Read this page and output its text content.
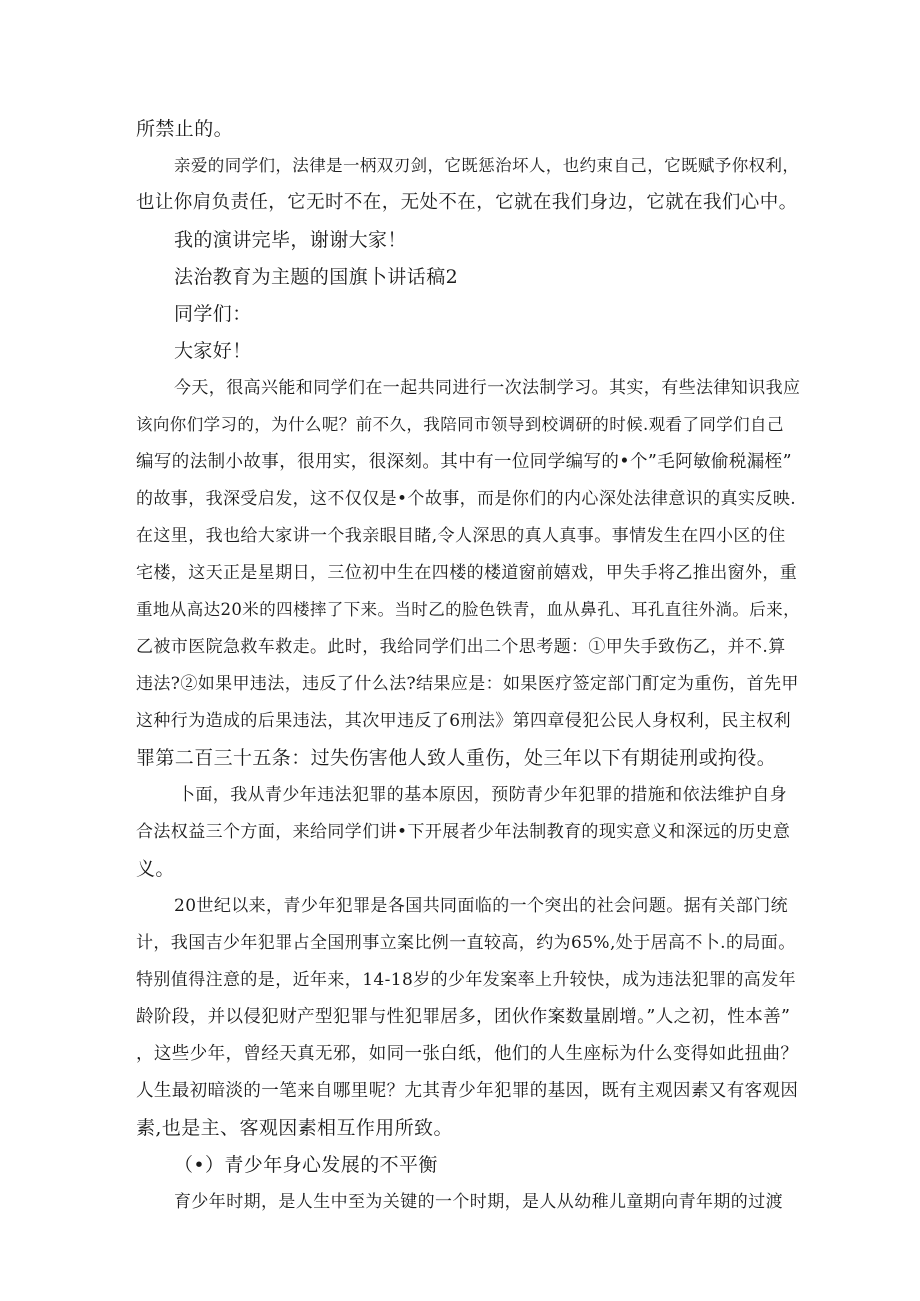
所禁止的。
亲爱的同学们，法律是一柄双刃剑，它既惩治坏人，也约束自己，它既赋予你权利，
也让你肩负责任，它无时不在，无处不在，它就在我们身边，它就在我们心中。
我的演讲完毕，谢谢大家！
法治教育为主题的国旗卜讲话稿2
同学们：
大家好！
今天，很高兴能和同学们在一起共同进行一次法制学习。其实，有些法律知识我应
该向你们学习的，为什么呢？前不久，我陪同市领导到校调研的时候.观看了同学们自己
编写的法制小故事，很用实，很深刻。其中有一位同学编写的•个”毛阿敏偷税漏桎”
的故事，我深受启发，这不仅仅是•个故事，而是你们的内心深处法律意识的真实反映.
在这里，我也给大家讲一个我亲眼目睹,令人深思的真人真事。事情发生在四小区的住
宅楼，这天正是星期日，三位初中生在四楼的楼道窗前嬉戏，甲失手将乙推出窗外，重
重地从高达20米的四楼摔了下来。当时乙的脸色铁青，血从鼻孔、耳孔直往外淌。后来，
乙被市医院急救车救走。此时，我给同学们出二个思考题：①甲失手致伤乙，并不.算
违法?②如果甲违法，违反了什么法?结果应是：如果医疗签定部门酊定为重伤，首先甲
这种行为造成的后果违法，其次甲违反了6刑法》第四章侵犯公民人身权利，民主权利
罪第二百三十五条：过失伤害他人致人重伤，处三年以下有期徒刑或拘役。
卜面，我从青少年违法犯罪的基本原因，预防青少年犯罪的措施和依法维护自身
合法权益三个方面，来给同学们讲•下开展者少年法制教育的现实意义和深远的历史意
义。
20世纪以来，青少年犯罪是各国共同面临的一个突出的社会问题。据有关部门统
计，我国吉少年犯罪占全国刑事立案比例一直较高，约为65%,处于居高不卜.的局面。
特别值得注意的是，近年来，14-18岁的少年发案率上升较快，成为违法犯罪的高发年
龄阶段，并以侵犯财产型犯罪与性犯罪居多，团伙作案数量剧增。”人之初，性本善”
，这些少年，曾经天真无邪，如同一张白纸，他们的人生座标为什么变得如此扭曲？
人生最初暗淡的一笔来自哪里呢？尢其青少年犯罪的基因，既有主观因素又有客观因
素,也是主、客观因素相互作用所致。
（•）青少年身心发展的不平衡
育少年时期，是人生中至为关键的一个时期，是人从幼稚儿童期向青年期的过渡
